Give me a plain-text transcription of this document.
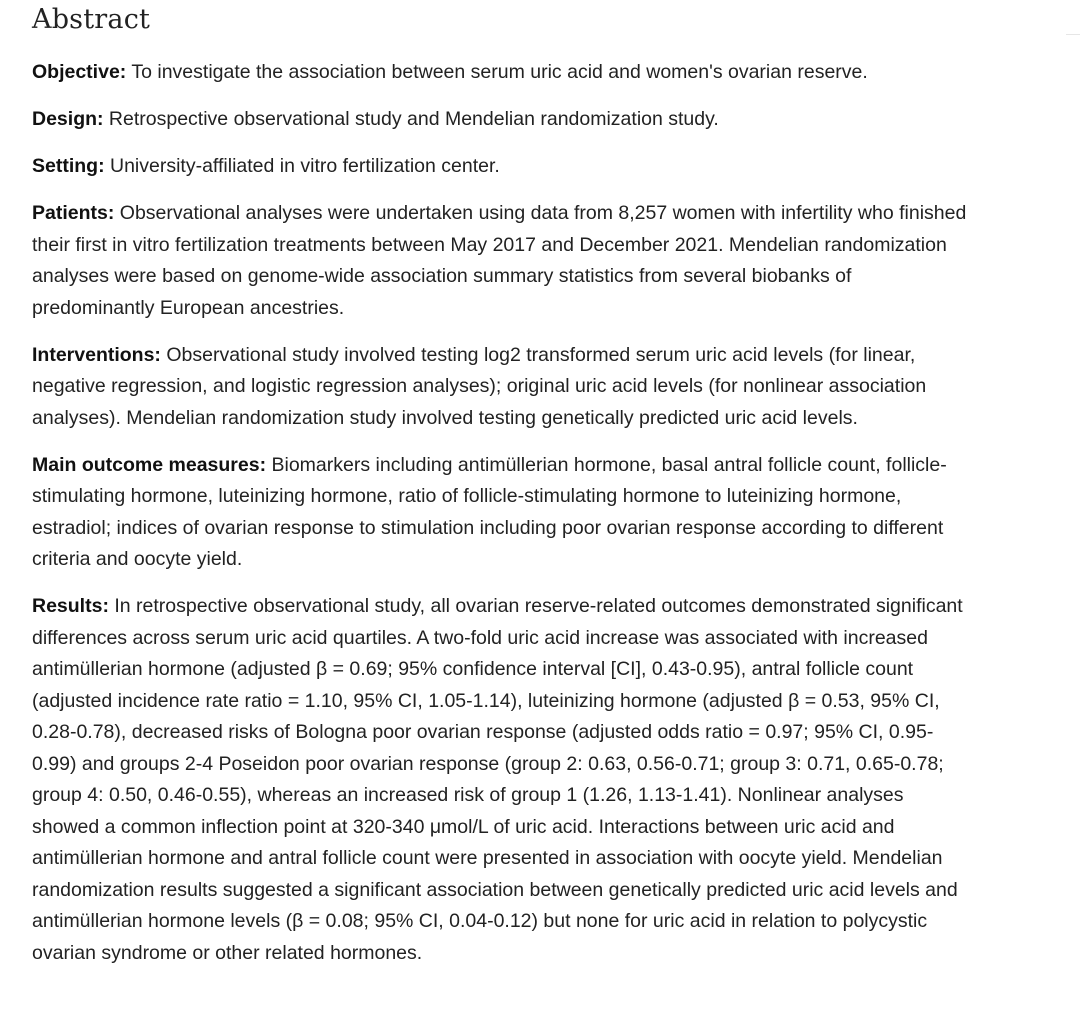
Abstract

Objective: To investigate the association between serum uric acid and women's ovarian reserve.

Design: Retrospective observational study and Mendelian randomization study.

Setting: University-affiliated in vitro fertilization center.

Patients: Observational analyses were undertaken using data from 8,257 women with infertility who finished their first in vitro fertilization treatments between May 2017 and December 2021. Mendelian randomization analyses were based on genome-wide association summary statistics from several biobanks of predominantly European ancestries.

Interventions: Observational study involved testing log2 transformed serum uric acid levels (for linear, negative regression, and logistic regression analyses); original uric acid levels (for nonlinear association analyses). Mendelian randomization study involved testing genetically predicted uric acid levels.

Main outcome measures: Biomarkers including antimüllerian hormone, basal antral follicle count, follicle-stimulating hormone, luteinizing hormone, ratio of follicle-stimulating hormone to luteinizing hormone, estradiol; indices of ovarian response to stimulation including poor ovarian response according to different criteria and oocyte yield.

Results: In retrospective observational study, all ovarian reserve-related outcomes demonstrated significant differences across serum uric acid quartiles. A two-fold uric acid increase was associated with increased antimüllerian hormone (adjusted β = 0.69; 95% confidence interval [CI], 0.43-0.95), antral follicle count (adjusted incidence rate ratio = 1.10, 95% CI, 1.05-1.14), luteinizing hormone (adjusted β = 0.53, 95% CI, 0.28-0.78), decreased risks of Bologna poor ovarian response (adjusted odds ratio = 0.97; 95% CI, 0.95-0.99) and groups 2-4 Poseidon poor ovarian response (group 2: 0.63, 0.56-0.71; group 3: 0.71, 0.65-0.78; group 4: 0.50, 0.46-0.55), whereas an increased risk of group 1 (1.26, 1.13-1.41). Nonlinear analyses showed a common inflection point at 320-340 μmol/L of uric acid. Interactions between uric acid and antimüllerian hormone and antral follicle count were presented in association with oocyte yield. Mendelian randomization results suggested a significant association between genetically predicted uric acid levels and antimüllerian hormone levels (β = 0.08; 95% CI, 0.04-0.12) but none for uric acid in relation to polycystic ovarian syndrome or other related hormones.
